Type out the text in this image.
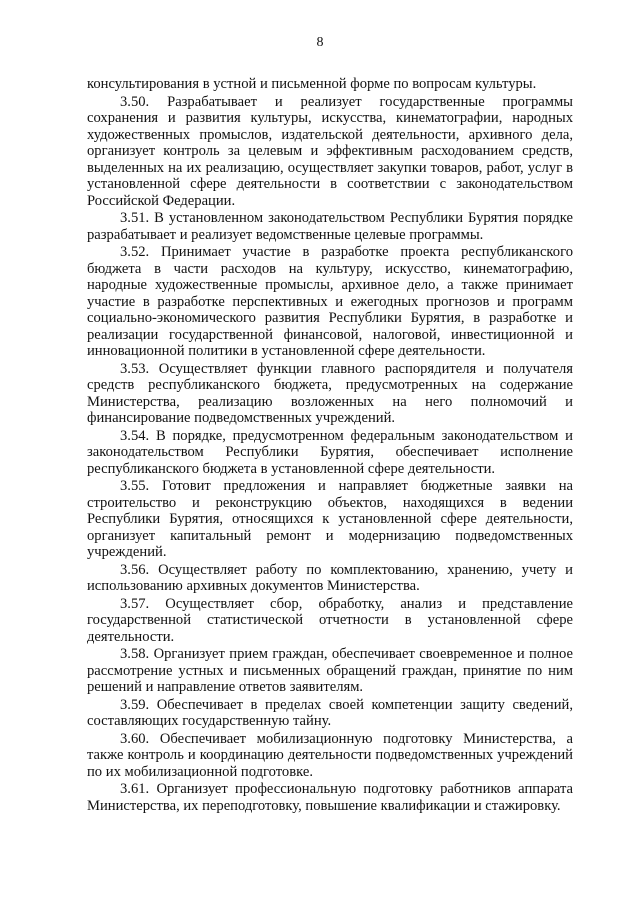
8

консультирования в устной и письменной форме по вопросам культуры.

3.50. Разрабатывает и реализует государственные программы сохранения и развития культуры, искусства, кинематографии, народных художественных промыслов, издательской деятельности, архивного дела, организует контроль за целевым и эффективным расходованием средств, выделенных на их реализацию, осуществляет закупки товаров, работ, услуг в установленной сфере деятельности в соответствии с законодательством Российской Федерации.

3.51. В установленном законодательством Республики Бурятия порядке разрабатывает и реализует ведомственные целевые программы.

3.52. Принимает участие в разработке проекта республиканского бюджета в части расходов на культуру, искусство, кинематографию, народные художественные промыслы, архивное дело, а также принимает участие в разработке перспективных и ежегодных прогнозов и программ социально-экономического развития Республики Бурятия, в разработке и реализации государственной финансовой, налоговой, инвестиционной и инновационной политики в установленной сфере деятельности.

3.53. Осуществляет функции главного распорядителя и получателя средств республиканского бюджета, предусмотренных на содержание Министерства, реализацию возложенных на него полномочий и финансирование подведомственных учреждений.

3.54. В порядке, предусмотренном федеральным законодательством и законодательством Республики Бурятия, обеспечивает исполнение республиканского бюджета в установленной сфере деятельности.

3.55. Готовит предложения и направляет бюджетные заявки на строительство и реконструкцию объектов, находящихся в ведении Республики Бурятия, относящихся к установленной сфере деятельности, организует капитальный ремонт и модернизацию подведомственных учреждений.

3.56. Осуществляет работу по комплектованию, хранению, учету и использованию архивных документов Министерства.

3.57. Осуществляет сбор, обработку, анализ и представление государственной статистической отчетности в установленной сфере деятельности.

3.58. Организует прием граждан, обеспечивает своевременное и полное рассмотрение устных и письменных обращений граждан, принятие по ним решений и направление ответов заявителям.

3.59. Обеспечивает в пределах своей компетенции защиту сведений, составляющих государственную тайну.

3.60. Обеспечивает мобилизационную подготовку Министерства, а также контроль и координацию деятельности подведомственных учреждений по их мобилизационной подготовке.

3.61. Организует профессиональную подготовку работников аппарата Министерства, их переподготовку, повышение квалификации и стажировку.
